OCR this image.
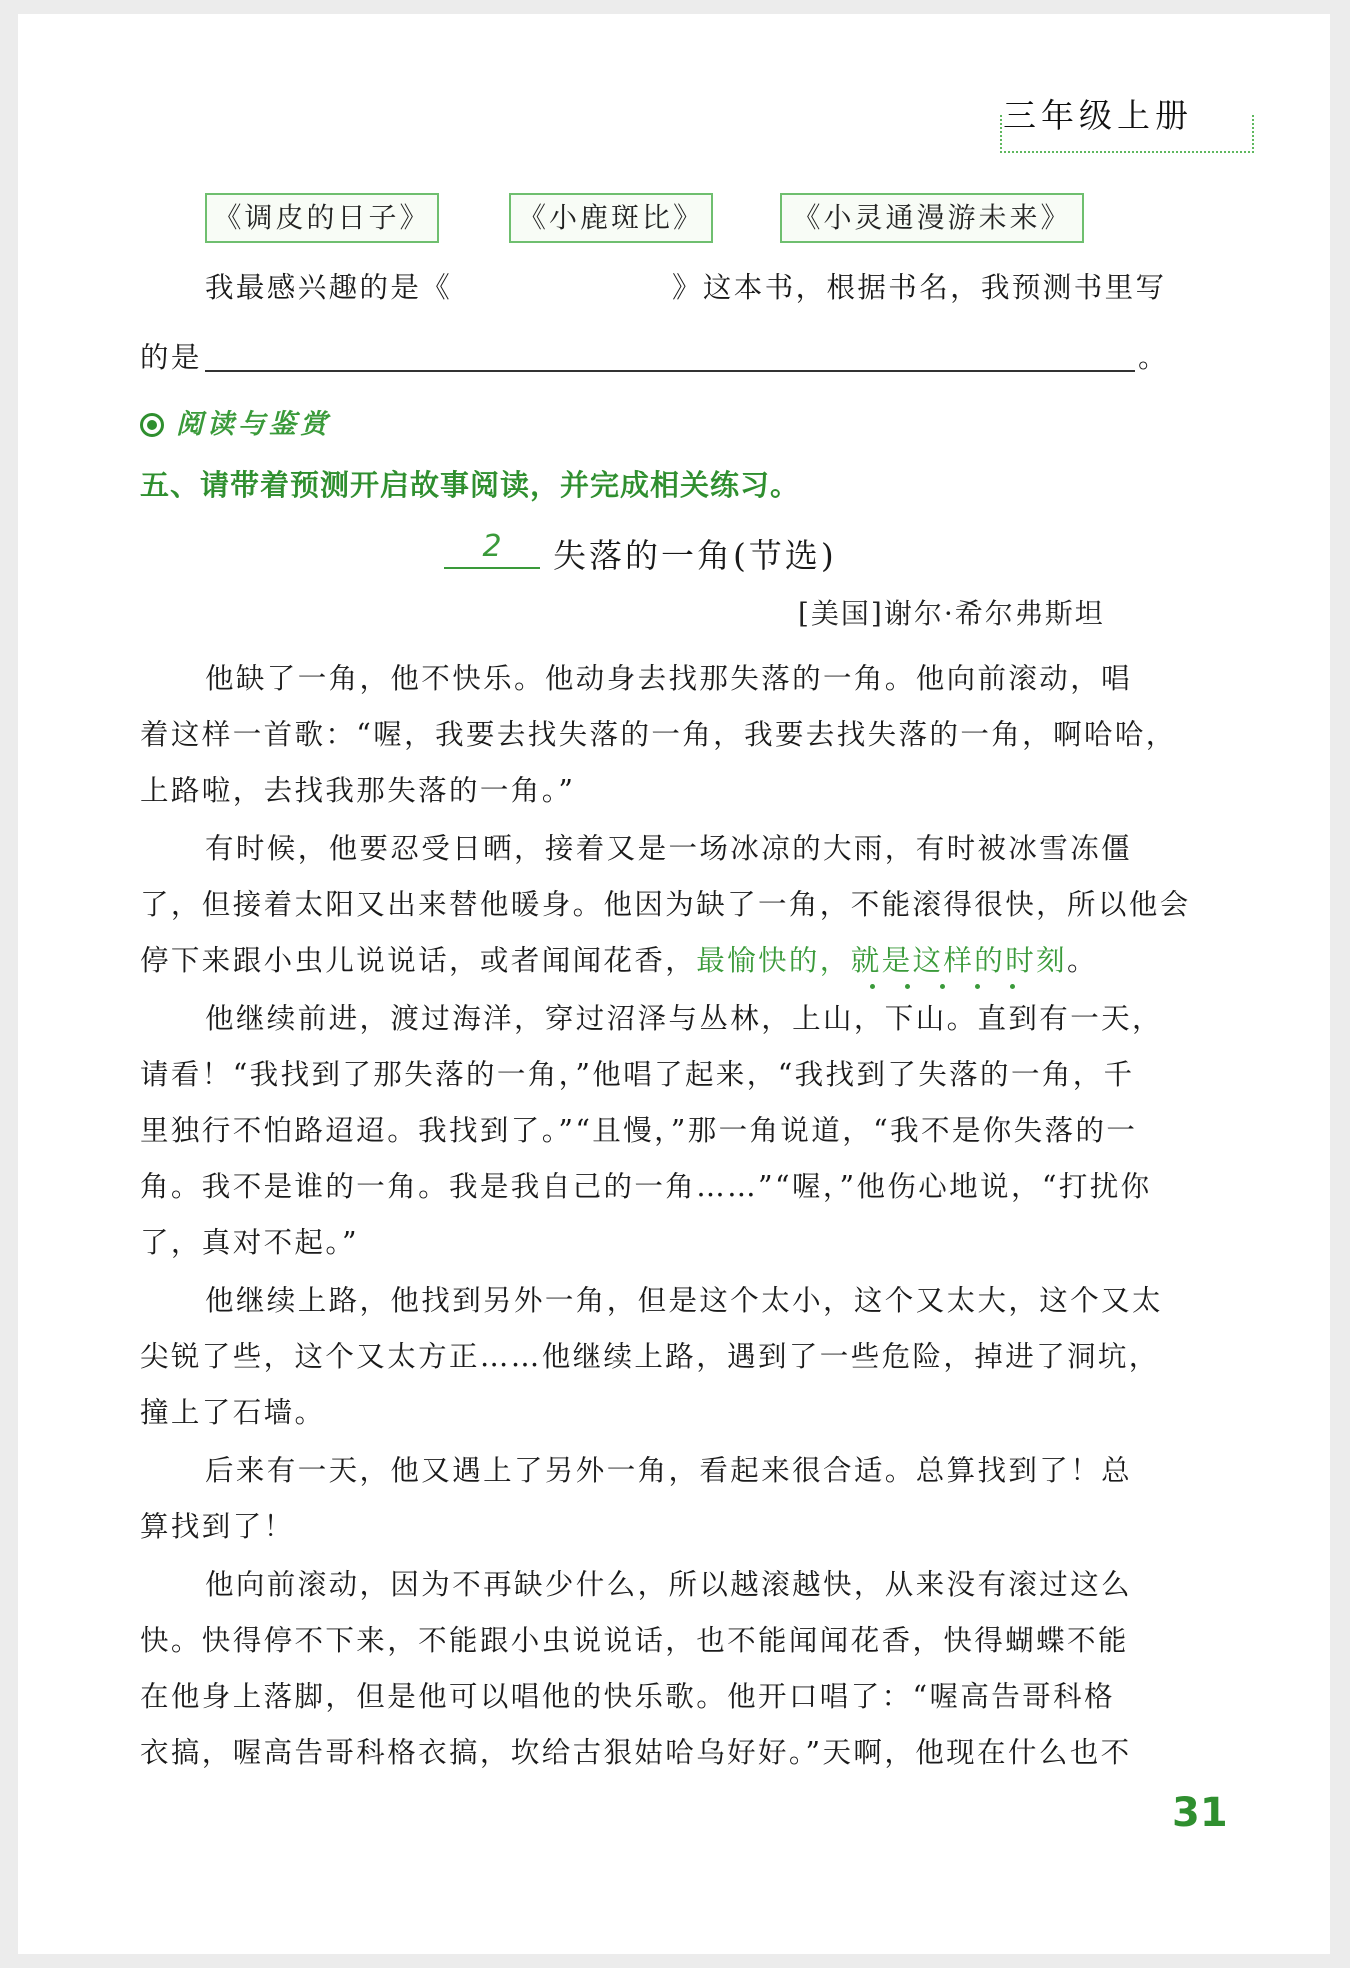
三年级上册
《调皮的日子》	《小鹿斑比》	《小灵通漫游未来》
我最感兴趣的是《	》这本书，根据书名，我预测书里写
的是	。
阅读与鉴赏
五、请带着预测开启故事阅读，并完成相关练习。
2	失落的一角(节选)
[美国]谢尔·希尔弗斯坦
他缺了一角，他不快乐。他动身去找那失落的一角。他向前滚动，唱
着这样一首歌：“喔，我要去找失落的一角，我要去找失落的一角，啊哈哈，
上路啦，去找我那失落的一角。”
有时候，他要忍受日晒，接着又是一场冰凉的大雨，有时被冰雪冻僵
了，但接着太阳又出来替他暖身。他因为缺了一角，不能滚得很快，所以他会
停下来跟小虫儿说说话，或者闻闻花香，最愉快的，就是这样的时刻。
他继续前进，渡过海洋，穿过沼泽与丛林，上山，下山。直到有一天，
请看！“我找到了那失落的一角，”他唱了起来，“我找到了失落的一角，千
里独行不怕路迢迢。我找到了。”“且慢，”那一角说道，“我不是你失落的一
角。我不是谁的一角。我是我自己的一角……”“喔，”他伤心地说，“打扰你
了，真对不起。”
他继续上路，他找到另外一角，但是这个太小，这个又太大，这个又太
尖锐了些，这个又太方正……他继续上路，遇到了一些危险，掉进了洞坑，
撞上了石墙。
后来有一天，他又遇上了另外一角，看起来很合适。总算找到了！总
算找到了！
他向前滚动，因为不再缺少什么，所以越滚越快，从来没有滚过这么
快。快得停不下来，不能跟小虫说说话，也不能闻闻花香，快得蝴蝶不能
在他身上落脚，但是他可以唱他的快乐歌。他开口唱了：“喔高告哥科格
衣搞，喔高告哥科格衣搞，坎给古狠姑哈乌好好。”天啊，他现在什么也不
31
